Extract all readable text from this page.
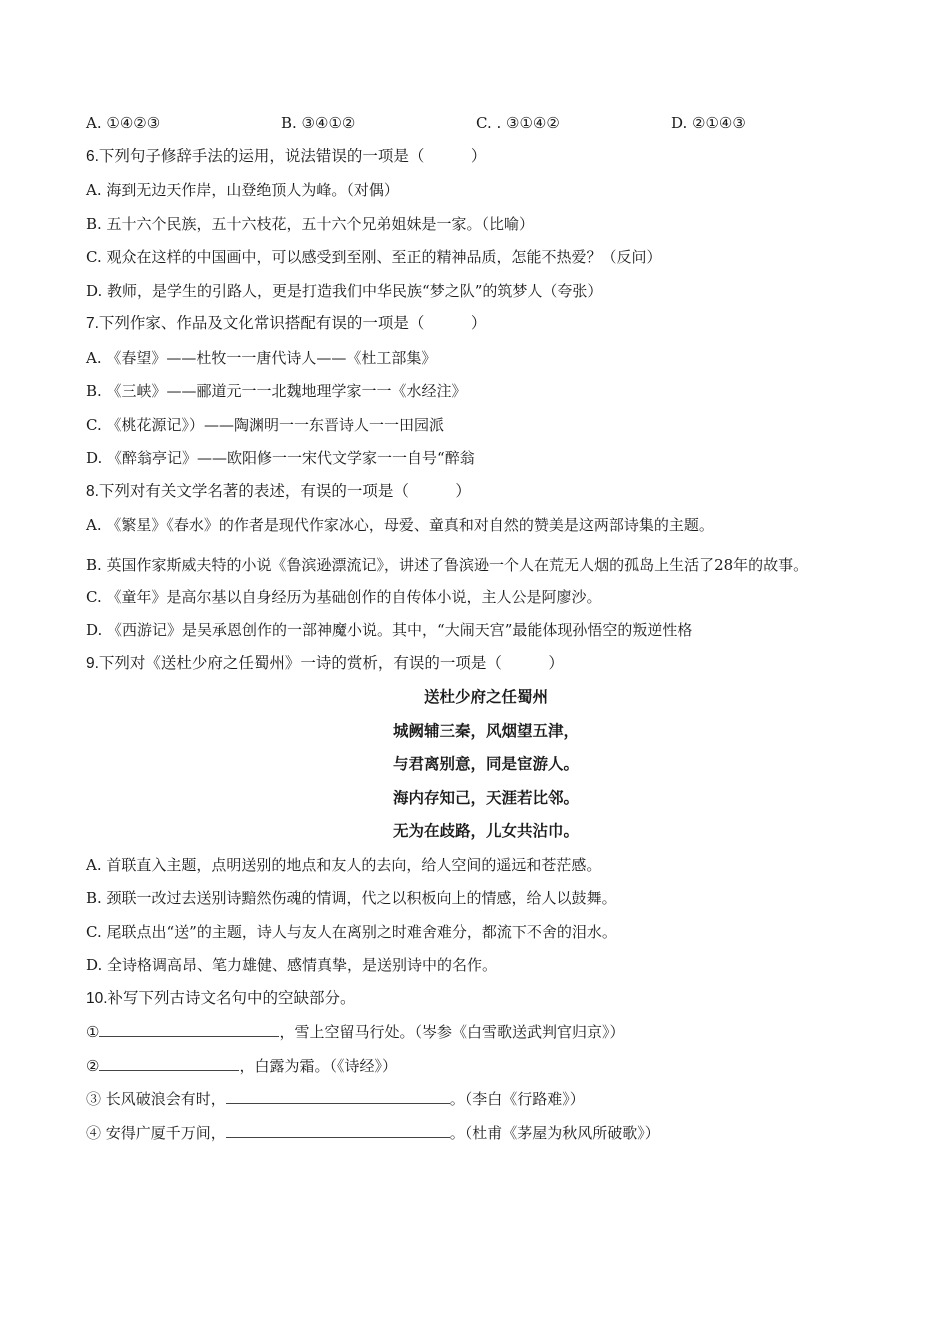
A. ①④②③	B. ③④①②	C. . ③①④②	D. ②①④③
6.下列句子修辞手法的运用，说法错误的一项是（　　　）
A. 海到无边天作岸，山登绝顶人为峰。（对偶）
B. 五十六个民族，五十六枝花，五十六个兄弟姐妹是一家。（比喻）
C. 观众在这样的中国画中，可以感受到至刚、至正的精神品质，怎能不热爱？（反问）
D. 教师，是学生的引路人，更是打造我们中华民族“梦之队”的筑梦人（夸张）
7.下列作家、作品及文化常识搭配有误的一项是（　　　）
A. 《春望》——杜牧一一唐代诗人——《杜工部集》
B. 《三峡》——郦道元一一北魏地理学家一一《水经注》
C. 《桃花源记》）——陶渊明一一东晋诗人一一田园派
D. 《醉翁亭记》——欧阳修一一宋代文学家一一自号“醉翁
8.下列对有关文学名著的表述，有误的一项是（　　　）
A. 《繁星》《春水》的作者是现代作家冰心，母爱、童真和对自然的赞美是这两部诗集的主题。
B. 英国作家斯威夫特的小说《鲁滨逊漂流记》，讲述了鲁滨逊一个人在荒无人烟的孤岛上生活了28年的故事。
C. 《童年》是高尔基以自身经历为基础创作的自传体小说，主人公是阿廖沙。
D. 《西游记》是吴承恩创作的一部神魔小说。其中，“大闹天宫”最能体现孙悟空的叛逆性格
9.下列对《送杜少府之任蜀州》一诗的赏析，有误的一项是（　　　）
送杜少府之任蜀州
城阙辅三秦，风烟望五津，
与君离别意，同是宦游人。
海内存知己，天涯若比邻。
无为在歧路，儿女共沾巾。
A. 首联直入主题，点明送别的地点和友人的去向，给人空间的遥远和苍茫感。
B. 颈联一改过去送别诗黯然伤魂的情调，代之以积板向上的情感，给人以鼓舞。
C. 尾联点出“送”的主题，诗人与友人在离别之时难舍难分，都流下不舍的泪水。
D. 全诗格调高昂、笔力雄健、感情真挚，是送别诗中的名作。
10.补写下列古诗文名句中的空缺部分。
①	，雪上空留马行处。（岑参《白雪歌送武判官归京》）
②	，白露为霜。（《诗经》）
③ 长风破浪会有时，	。（李白《行路难》）
④ 安得广厦千万间，	。（杜甫《茅屋为秋风所破歌》）
